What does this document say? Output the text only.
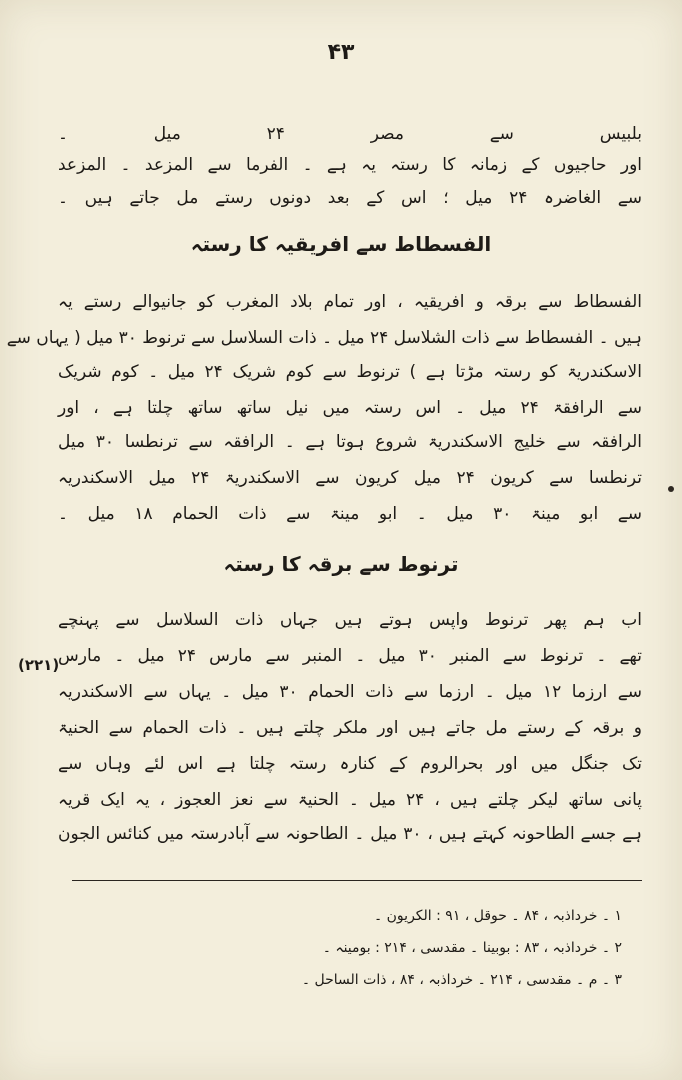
۴۳
بلبیس سے مصر ۲۴ میل ۔
اور حاجیوں کے زمانہ کا رستہ یہ ہے ۔ الفرما سے المزعد ۔ المزعد
سے الغاضرہ ۲۴ میل ؛ اس کے بعد دونوں رستے مل جاتے ہیں ۔
الفسطاط سے افریقیہ کا رستہ
الفسطاط سے برقہ و افریقیہ ، اور تمام بلاد المغرب کو جانیوالے رستے یہ
ہیں ۔ الفسطاط سے ذات الشلاسل ۲۴ میل ۔ ذات السلاسل سے ترنوط ۳۰ میل ( یہاں سے
الاسکندریۃ کو رستہ مڑتا ہے ) ترنوط سے کوم شریک ۲۴ میل ۔ کوم شریک
سے الرافقۃ ۲۴ میل ۔ اس رستہ میں نیل ساتھ ساتھ چلتا ہے ، اور
الرافقہ سے خلیج الاسکندریۃ شروع ہوتا ہے ۔ الرافقہ سے ترنطسا ۳۰ میل
ترنطسا سے کریون ۲۴ میل کریون سے الاسکندریۃ ۲۴ میل الاسکندریہ
سے ابو مینۃ ۳۰ میل ۔ ابو مینۃ سے ذات الحمام ۱۸ میل ۔
ترنوط سے برقہ کا رستہ
اب ہم پھر ترنوط واپس ہوتے ہیں جہاں ذات السلاسل سے پہنچے
تھے ۔ ترنوط سے المنبر ۳۰ میل ۔ المنبر سے مارس ۲۴ میل ۔ مارس
(۲۲۱)
سے ارزما ۱۲ میل ۔ ارزما سے ذات الحمام ۳۰ میل ۔ یہاں سے الاسکندریہ
و برقہ کے رستے مل جاتے ہیں اور ملکر چلتے ہیں ۔ ذات الحمام سے الحنیۃ
تک جنگل میں اور بحرالروم کے کنارہ رستہ چلتا ہے اس لئے وہاں سے
پانی ساتھ لیکر چلتے ہیں ، ۲۴ میل ۔ الحنیۃ سے نعز العجوز ، یہ ایک قریہ
ہے جسے الطاحونہ کہتے ہیں ، ۳۰ میل ۔ الطاحونہ سے آبادرستہ میں کنائس الجون
۱ ۔ خرداذبہ ، ۸۴ ۔ حوقل ، ۹۱ : الکریون ۔
۲ ۔ خرداذبہ ، ۸۳ : بوبینا ۔ مقدسی ، ۲۱۴ : بومینہ ۔
۳ ۔ م ۔ مقدسی ، ۲۱۴ ۔ خرداذبہ ، ۸۴ ، ذات الساحل ۔
